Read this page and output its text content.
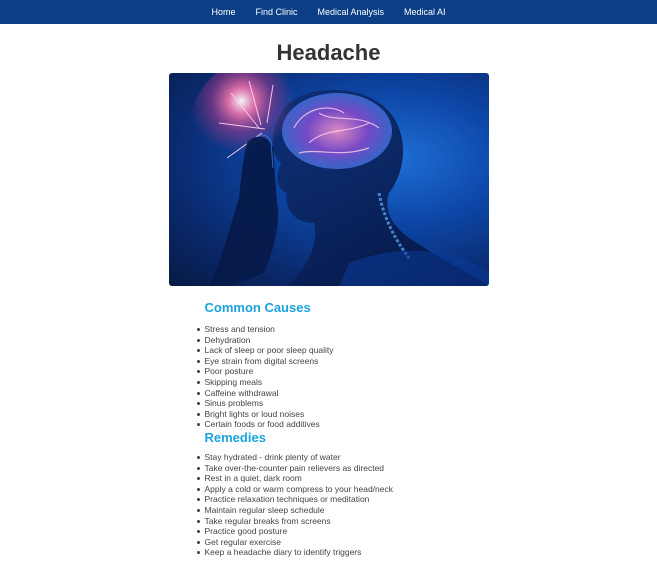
Home	Find Clinic	Medical Analysis	Medical AI
Headache
Common Causes
Stress and tension
Dehydration
Lack of sleep or poor sleep quality
Eye strain from digital screens
Poor posture
Skipping meals
Caffeine withdrawal
Sinus problems
Bright lights or loud noises
Certain foods or food additives
Remedies
Stay hydrated - drink plenty of water
Take over-the-counter pain relievers as directed
Rest in a quiet, dark room
Apply a cold or warm compress to your head/neck
Practice relaxation techniques or meditation
Maintain regular sleep schedule
Take regular breaks from screens
Practice good posture
Get regular exercise
Keep a headache diary to identify triggers
